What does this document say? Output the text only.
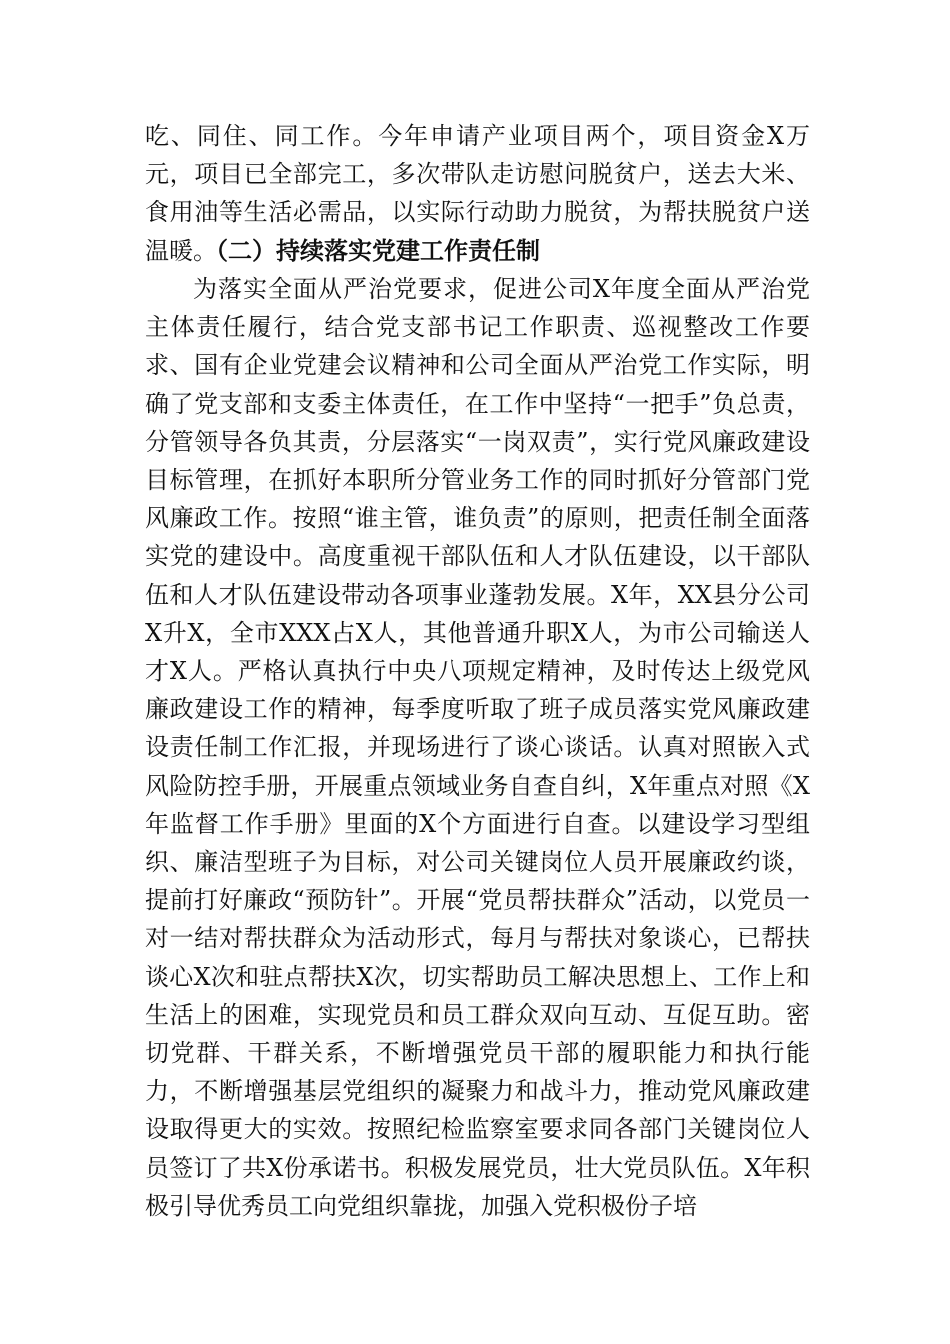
吃、同住、同工作。今年申请产业项目两个，项目资金X万元，项目已全部完工，多次带队走访慰问脱贫户，送去大米、食用油等生活必需品，以实际行动助力脱贫，为帮扶脱贫户送温暖。

（二）持续落实党建工作责任制

为落实全面从严治党要求，促进公司X年度全面从严治党主体责任履行，结合党支部书记工作职责、巡视整改工作要求、国有企业党建会议精神和公司全面从严治党工作实际，明确了党支部和支委主体责任，在工作中坚持“一把手”负总责，分管领导各负其责，分层落实“一岗双责”，实行党风廉政建设目标管理，在抓好本职所分管业务工作的同时抓好分管部门党风廉政工作。按照“谁主管，谁负责”的原则，把责任制全面落实党的建设中。高度重视干部队伍和人才队伍建设，以干部队伍和人才队伍建设带动各项事业蓬勃发展。X年，XX县分公司X升X，全市XXX占X人，其他普通升职X人，为市公司输送人才X人。严格认真执行中央八项规定精神，及时传达上级党风廉政建设工作的精神，每季度听取了班子成员落实党风廉政建设责任制工作汇报，并现场进行了谈心谈话。认真对照嵌入式风险防控手册，开展重点领域业务自查自纠，X年重点对照《X年监督工作手册》里面的X个方面进行自查。以建设学习型组织、廉洁型班子为目标，对公司关键岗位人员开展廉政约谈，提前打好廉政“预防针”。开展“党员帮扶群众”活动，以党员一对一结对帮扶群众为活动形式，每月与帮扶对象谈心，已帮扶谈心X次和驻点帮扶X次，切实帮助员工解决思想上、工作上和生活上的困难，实现党员和员工群众双向互动、互促互助。密切党群、干群关系，不断增强党员干部的履职能力和执行能力，不断增强基层党组织的凝聚力和战斗力，推动党风廉政建设取得更大的实效。按照纪检监察室要求同各部门关键岗位人员签订了共X份承诺书。积极发展党员，壮大党员队伍。X年积极引导优秀员工向党组织靠拢，加强入党积极份子培
